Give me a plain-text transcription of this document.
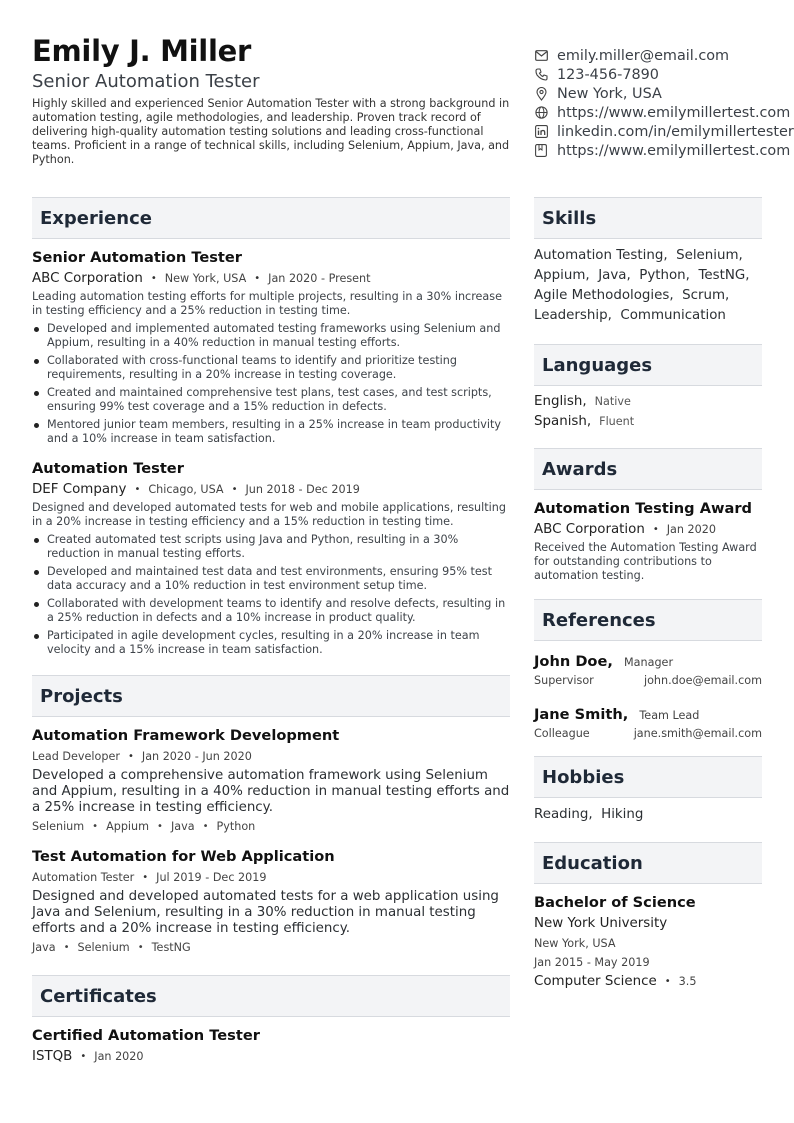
Emily J. Miller
Senior Automation Tester
Highly skilled and experienced Senior Automation Tester with a strong background in automation testing, agile methodologies, and leadership. Proven track record of delivering high-quality automation testing solutions and leading cross-functional teams. Proficient in a range of technical skills, including Selenium, Appium, Java, and Python.
emily.miller@email.com
123-456-7890
New York, USA
https://www.emilymillertest.com
linkedin.com/in/emilymillertester
https://www.emilymillertest.com
Experience
Senior Automation Tester
ABC Corporation • New York, USA • Jan 2020 - Present
Leading automation testing efforts for multiple projects, resulting in a 30% increase in testing efficiency and a 25% reduction in testing time.
Developed and implemented automated testing frameworks using Selenium and Appium, resulting in a 40% reduction in manual testing efforts.
Collaborated with cross-functional teams to identify and prioritize testing requirements, resulting in a 20% increase in testing coverage.
Created and maintained comprehensive test plans, test cases, and test scripts, ensuring 99% test coverage and a 15% reduction in defects.
Mentored junior team members, resulting in a 25% increase in team productivity and a 10% increase in team satisfaction.
Automation Tester
DEF Company • Chicago, USA • Jun 2018 - Dec 2019
Designed and developed automated tests for web and mobile applications, resulting in a 20% increase in testing efficiency and a 15% reduction in testing time.
Created automated test scripts using Java and Python, resulting in a 30% reduction in manual testing efforts.
Developed and maintained test data and test environments, ensuring 95% test data accuracy and a 10% reduction in test environment setup time.
Collaborated with development teams to identify and resolve defects, resulting in a 25% reduction in defects and a 10% increase in product quality.
Participated in agile development cycles, resulting in a 20% increase in team velocity and a 15% increase in team satisfaction.
Projects
Automation Framework Development
Lead Developer • Jan 2020 - Jun 2020
Developed a comprehensive automation framework using Selenium and Appium, resulting in a 40% reduction in manual testing efforts and a 25% increase in testing efficiency.
Selenium • Appium • Java • Python
Test Automation for Web Application
Automation Tester • Jul 2019 - Dec 2019
Designed and developed automated tests for a web application using Java and Selenium, resulting in a 30% reduction in manual testing efforts and a 20% increase in testing efficiency.
Java • Selenium • TestNG
Certificates
Certified Automation Tester
ISTQB • Jan 2020
Skills
Automation Testing, Selenium,  Appium, Java, Python, TestNG,  Agile Methodologies, Scrum,  Leadership, Communication
Languages
English, Native
Spanish, Fluent
Awards
Automation Testing Award
ABC Corporation • Jan 2020
Received the Automation Testing Award for outstanding contributions to automation testing.
References
John Doe, Manager
Supervisor	john.doe@email.com
Jane Smith, Team Lead
Colleague	jane.smith@email.com
Hobbies
Reading,  Hiking
Education
Bachelor of Science
New York University
New York, USA
Jan 2015 - May 2019
Computer Science • 3.5
